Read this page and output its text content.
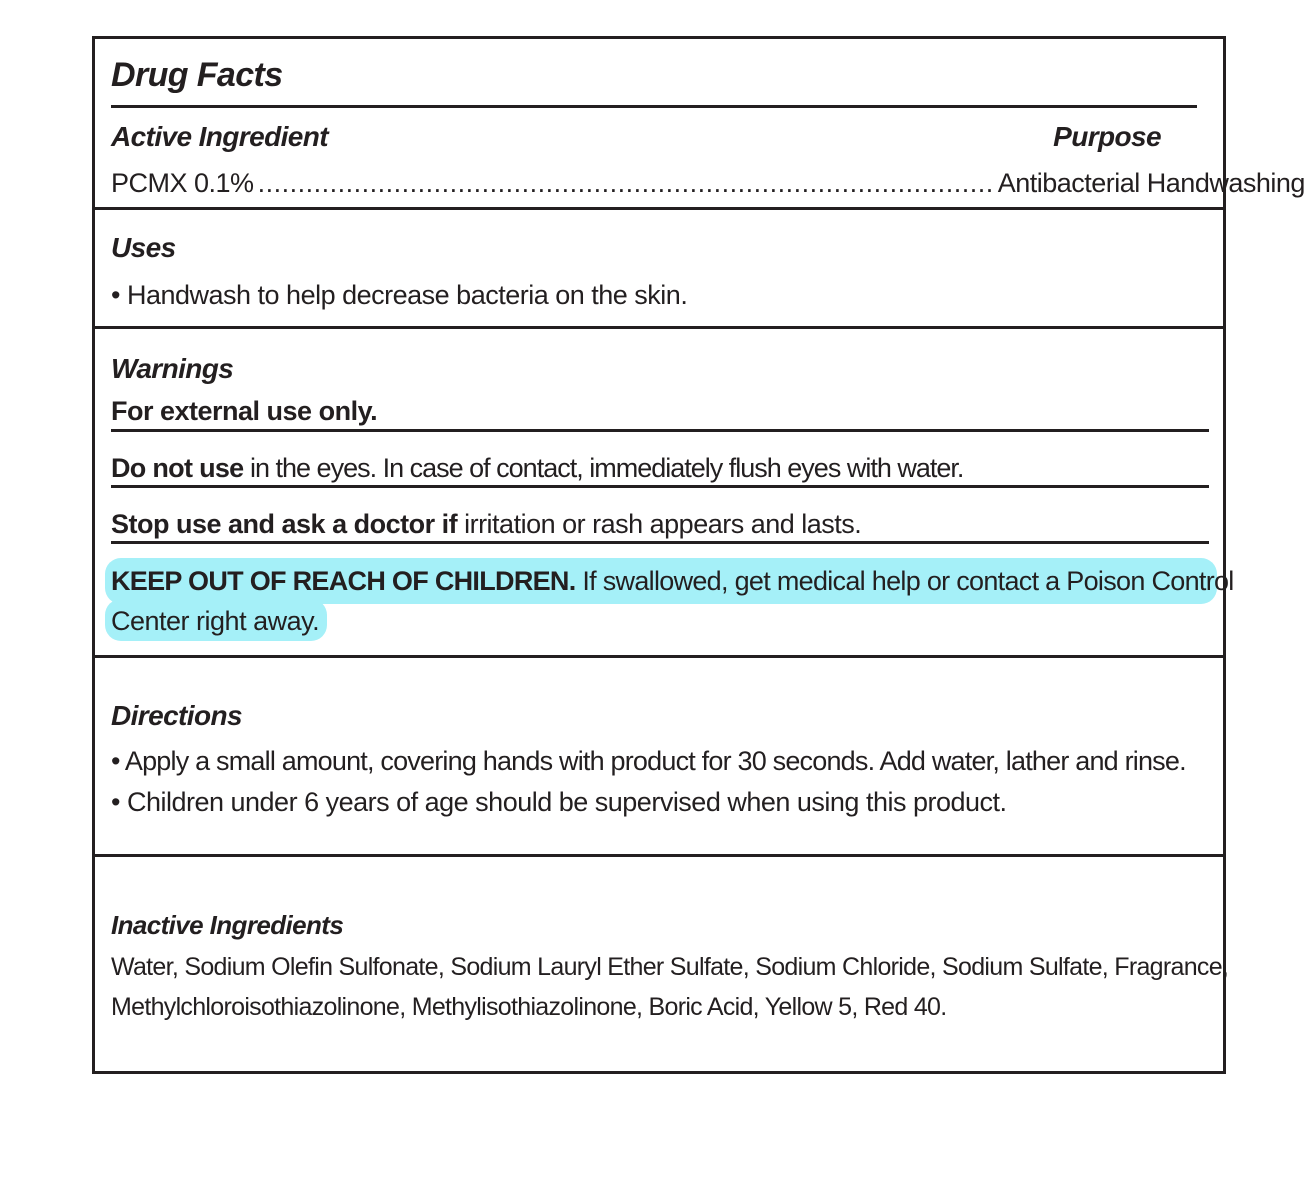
Drug Facts
Active Ingredient	Purpose
PCMX 0.1% ............................................................................................ Antibacterial Handwashing
Uses
• Handwash to help decrease bacteria on the skin.
Warnings
For external use only.
Do not use in the eyes. In case of contact, immediately flush eyes with water.
Stop use and ask a doctor if irritation or rash appears and lasts.
KEEP OUT OF REACH OF CHILDREN. If swallowed, get medical help or contact a Poison Control
Center right away.
Directions
• Apply a small amount, covering hands with product for 30 seconds. Add water, lather and rinse.
• Children under 6 years of age should be supervised when using this product.
Inactive Ingredients
Water, Sodium Olefin Sulfonate, Sodium Lauryl Ether Sulfate, Sodium Chloride, Sodium Sulfate, Fragrance,
Methylchloroisothiazolinone, Methylisothiazolinone, Boric Acid, Yellow 5, Red 40.
